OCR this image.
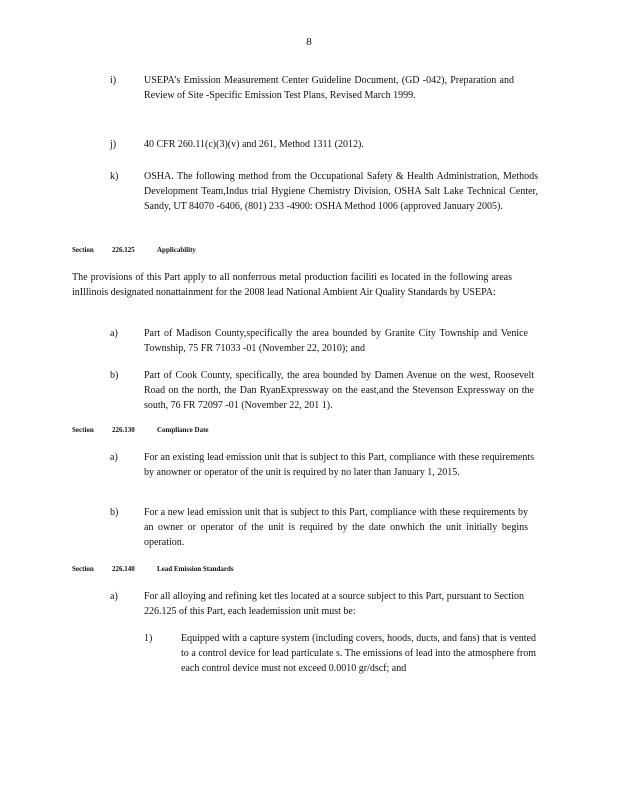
8
i)	USEPA’s Emission Measurement Center Guideline Document, (GD -042), Preparation and Review of Site -Specific Emission Test Plans, Revised March 1999.
j)	40 CFR 260.11(c)(3)(v) and 261, Method 1311 (2012).
k)	OSHA. The following method from the Occupational Safety & Health Administration, Methods Development Team,Indus trial Hygiene Chemistry Division, OSHA Salt Lake Technical Center, Sandy, UT 84070 -6406, (801) 233 -4900: OSHA Method 1006 (approved January 2005).
Section	226.125	Applicability
The provisions of this Part apply to all nonferrous metal production faciliti es located in the following areas inIllinois designated nonattainment for the 2008 lead National Ambient Air Quality Standards by USEPA:
a)	Part of Madison County,specifically the area bounded by Granite City Township and Venice Township, 75 FR 71033 -01 (November 22, 2010); and
b)	Part of Cook County, specifically, the area bounded by Damen Avenue on the west, Roosevelt Road on the north, the Dan RyanExpressway on the east,and the Stevenson Expressway on the south, 76 FR 72097 -01 (November 22, 201 1).
Section	226.130	Compliance Date
a)	For an existing lead emission unit that is subject to this Part, compliance with these requirements by anowner or operator of the unit is required by no later than January 1, 2015.
b)	For a new lead emission unit that is subject to this Part, compliance with these requirements by an owner or operator of the unit is required by the date onwhich the unit initially begins operation.
Section	226.140	Lead Emission Standards
a)	For all alloying and refining ket tles located at a source subject to this Part, pursuant to Section 226.125 of this Part, each leademission unit must be:
1)	Equipped with a capture system (including covers, hoods, ducts, and fans) that is vented to a control device for lead particulate s. The emissions of lead into the atmosphere from each control device must not exceed 0.0010 gr/dscf; and
